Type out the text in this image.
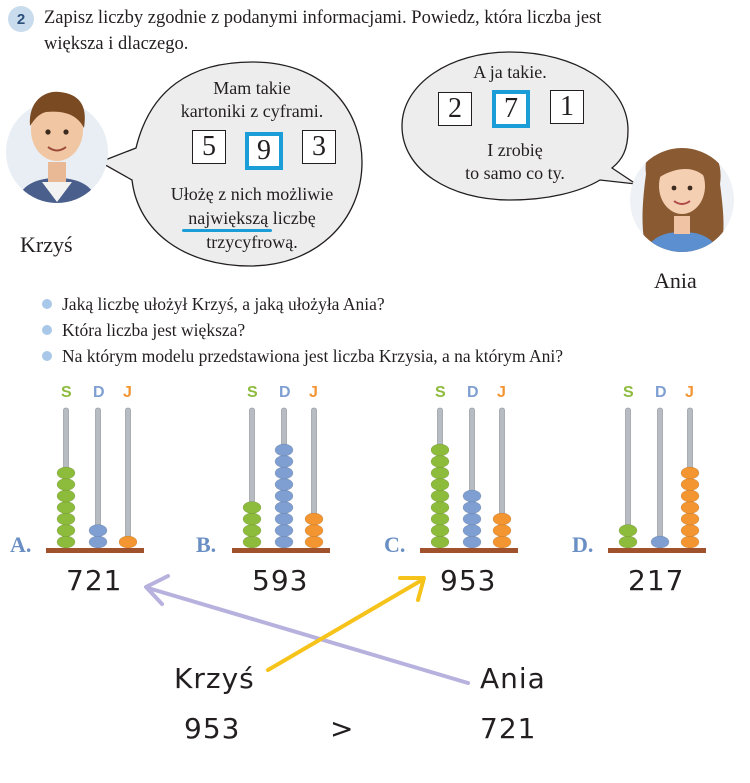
2	Zapisz liczby zgodnie z podanymi informacjami. Powiedz, która liczba jest
większa i dlaczego.
Krzyś
Ania
Mam takie
kartoniki z cyframi.
5	9	3
Ułożę z nich możliwie
największą
liczbę
trzycyfrową.
A ja takie.
2	7	1
I zrobię
to samo co ty.
Jaką liczbę ułożył Krzyś, a jaką ułożyła Ania?
Która liczba jest większa?
Na którym modelu przedstawiona jest liczba Krzysia, a na którym Ani?
A.
S D J
721
B.
S D J
593
C.
S D J
953
D.
S D J
217
Krzyś	Ania
953	>	721
